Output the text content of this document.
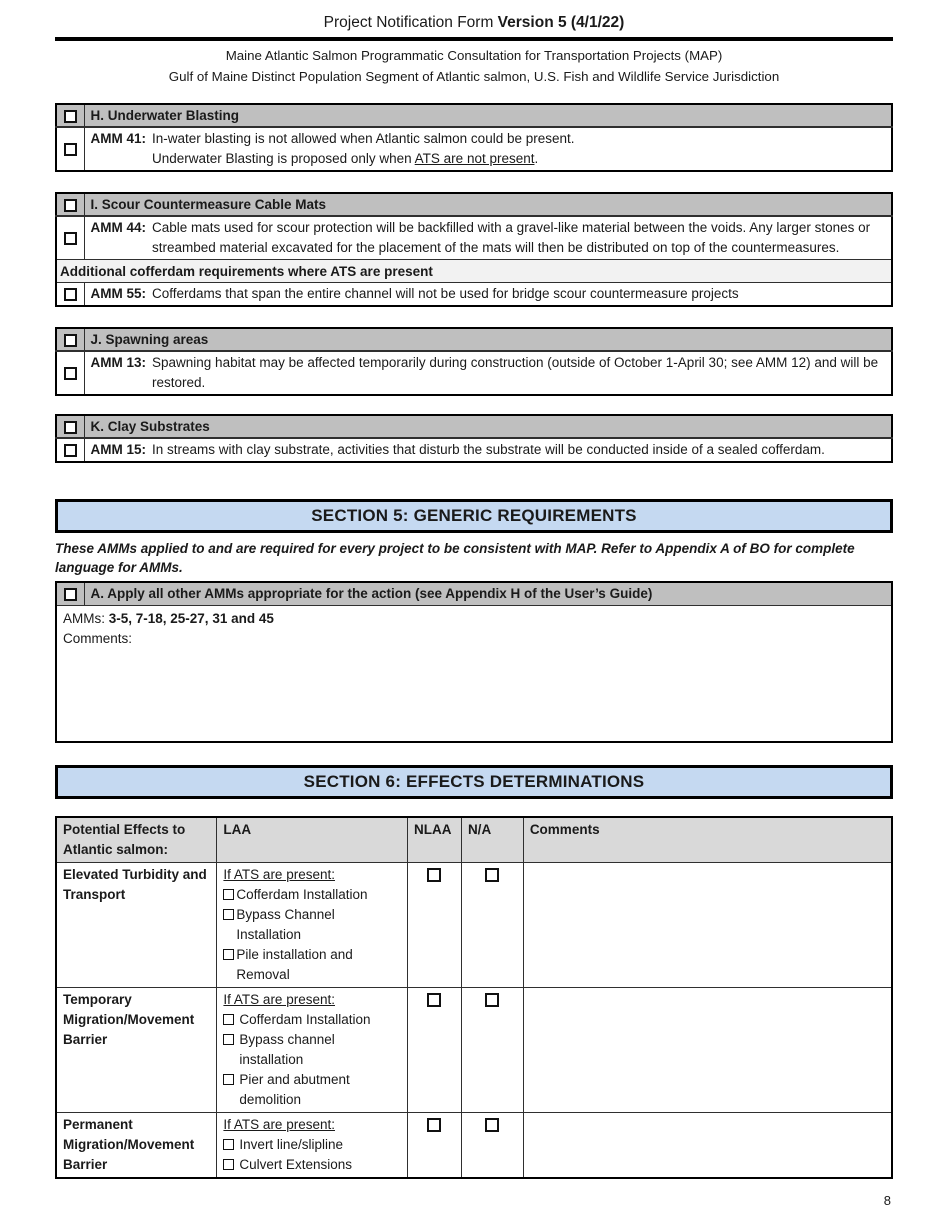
Project Notification Form Version 5 (4/1/22)
Maine Atlantic Salmon Programmatic Consultation for Transportation Projects (MAP)
Gulf of Maine Distinct Population Segment of Atlantic salmon, U.S. Fish and Wildlife Service Jurisdiction
	H. Underwater Blasting

	AMM 41: In-water blasting is not allowed when Atlantic salmon could be present.
Underwater Blasting is proposed only when ATS are not present.
	I. Scour Countermeasure Cable Mats

	AMM 44: Cable mats used for scour protection will be backfilled with a gravel-like material between the voids. Any larger stones or streambed material excavated for the placement of the mats will then be distributed on top of the countermeasures.

Additional cofferdam requirements where ATS are present	

	AMM 55: Cofferdams that span the entire channel will not be used for bridge scour countermeasure projects
	J. Spawning areas

	AMM 13: Spawning habitat may be affected temporarily during construction (outside of October 1-April 30; see AMM 12) and will be restored.
	K. Clay Substrates

	AMM 15: In streams with clay substrate, activities that disturb the substrate will be conducted inside of a sealed cofferdam.
SECTION 5: GENERIC REQUIREMENTS
These AMMs applied to and are required for every project to be consistent with MAP. Refer to Appendix A of BO for complete language for AMMs.
	A. Apply all other AMMs appropriate for the action (see Appendix H of the User’s Guide)

AMMs: 3-5, 7-18, 25-27, 31 and 45
Comments:
SECTION 6: EFFECTS DETERMINATIONS
Potential Effects to Atlantic salmon:	LAA	NLAA	N/A	Comments
Elevated Turbidity and Transport	If ATS are present:
Cofferdam Installation
Bypass Channel Installation
Pile installation and Removal			

Temporary Migration/Movement Barrier	If ATS are present:
Cofferdam Installation
Bypass channel installation
Pier and abutment demolition			

Permanent Migration/Movement Barrier	If ATS are present:
Invert line/slipline
Culvert Extensions			

8
